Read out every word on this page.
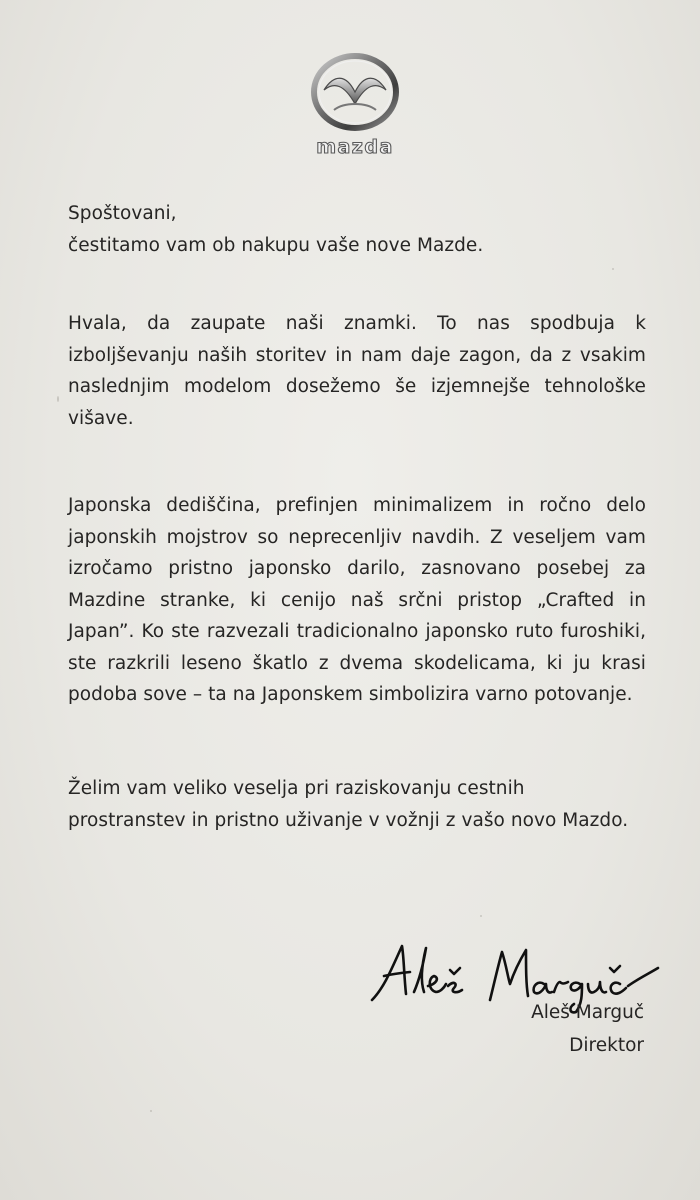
mazda

Spoštovani,

čestitamo vam ob nakupu vaše nove Mazde.

Hvala, da zaupate naši znamki. To nas spodbuja k izboljševanju naših storitev in nam daje zagon, da z vsakim naslednjim modelom dosežemo še izjemnejše tehnološke višave.

Japonska dediščina, prefinjen minimalizem in ročno delo japonskih mojstrov so neprecenljiv navdih. Z veseljem vam izročamo pristno japonsko darilo, zasnovano posebej za Mazdine stranke, ki cenijo naš srčni pristop „Crafted in Japan”. Ko ste razvezali tradicionalno japonsko ruto furoshiki, ste razkrili leseno škatlo z dvema skodelicama, ki ju krasi podoba sove – ta na Japonskem simbolizira varno potovanje.

Želim vam veliko veselja pri raziskovanju cestnih prostranstev in pristno uživanje v vožnji z vašo novo Mazdo.

Aleš Marguč
Direktor
